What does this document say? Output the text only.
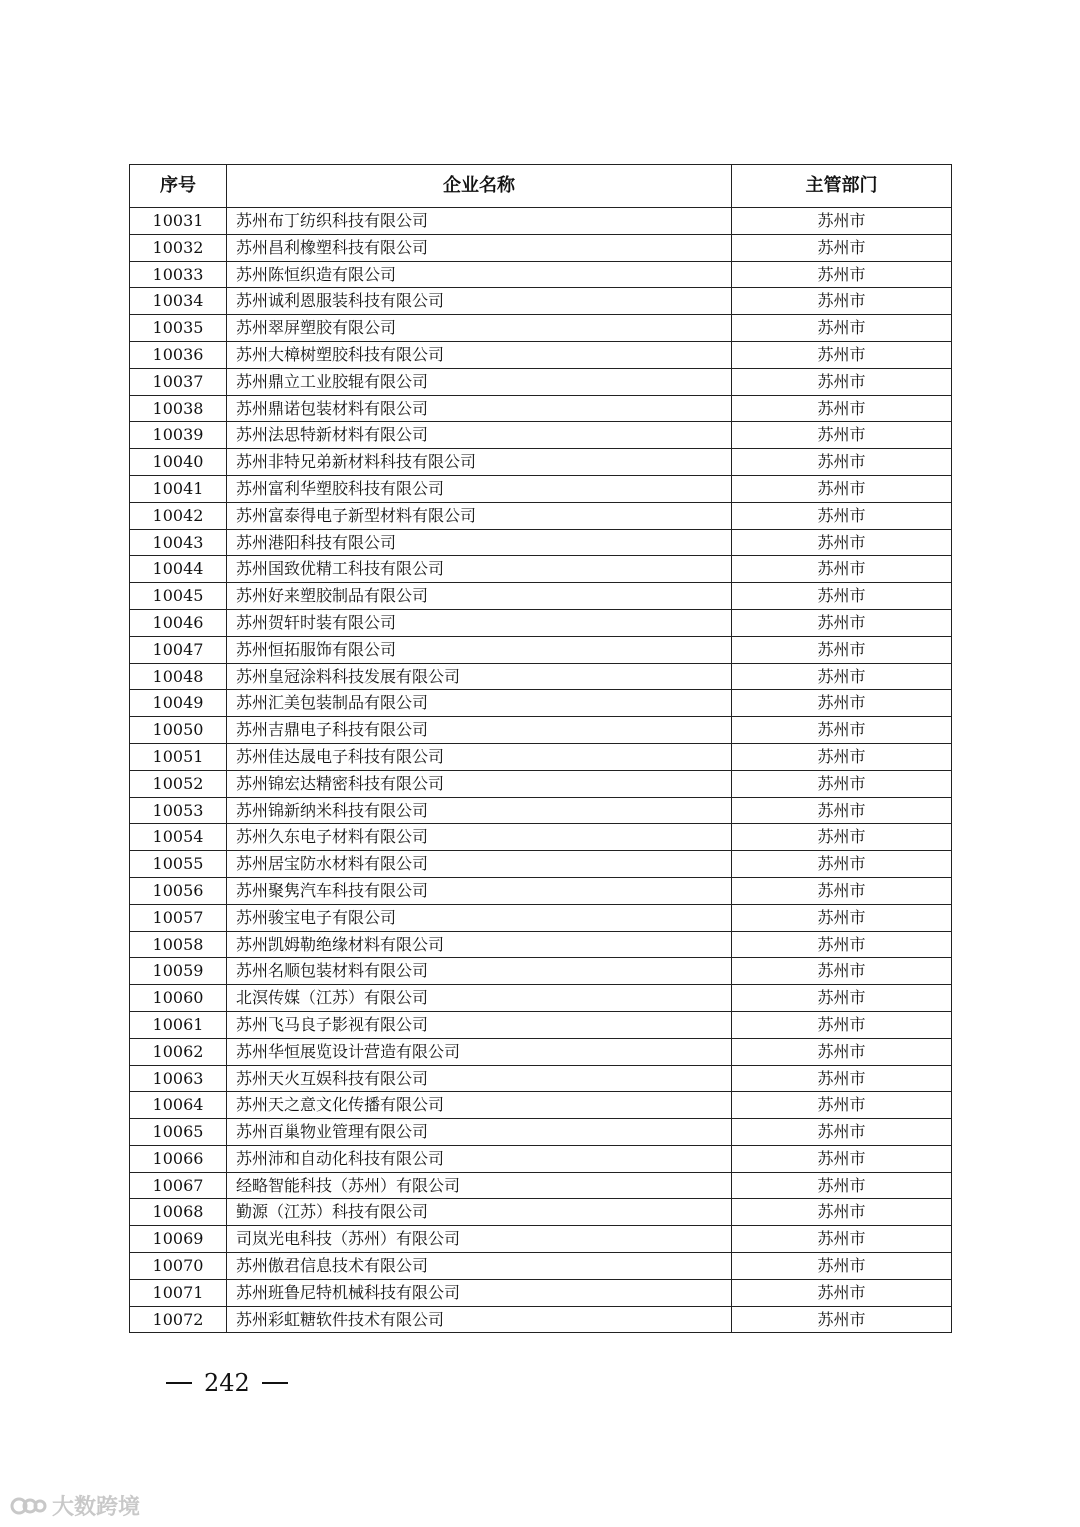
序号	企业名称	主管部门
10031	苏州布丁纺织科技有限公司	苏州市
10032	苏州昌利橡塑科技有限公司	苏州市
10033	苏州陈恒织造有限公司	苏州市
10034	苏州诚利恩服装科技有限公司	苏州市
10035	苏州翠屏塑胶有限公司	苏州市
10036	苏州大樟树塑胶科技有限公司	苏州市
10037	苏州鼎立工业胶辊有限公司	苏州市
10038	苏州鼎诺包装材料有限公司	苏州市
10039	苏州法思特新材料有限公司	苏州市
10040	苏州非特兄弟新材料科技有限公司	苏州市
10041	苏州富利华塑胶科技有限公司	苏州市
10042	苏州富泰得电子新型材料有限公司	苏州市
10043	苏州港阳科技有限公司	苏州市
10044	苏州国致优精工科技有限公司	苏州市
10045	苏州好来塑胶制品有限公司	苏州市
10046	苏州贺轩时装有限公司	苏州市
10047	苏州恒拓服饰有限公司	苏州市
10048	苏州皇冠涂料科技发展有限公司	苏州市
10049	苏州汇美包装制品有限公司	苏州市
10050	苏州吉鼎电子科技有限公司	苏州市
10051	苏州佳达晟电子科技有限公司	苏州市
10052	苏州锦宏达精密科技有限公司	苏州市
10053	苏州锦新纳米科技有限公司	苏州市
10054	苏州久东电子材料有限公司	苏州市
10055	苏州居宝防水材料有限公司	苏州市
10056	苏州聚隽汽车科技有限公司	苏州市
10057	苏州骏宝电子有限公司	苏州市
10058	苏州凯姆勒绝缘材料有限公司	苏州市
10059	苏州名顺包装材料有限公司	苏州市
10060	北溟传媒（江苏）有限公司	苏州市
10061	苏州飞马良子影视有限公司	苏州市
10062	苏州华恒展览设计营造有限公司	苏州市
10063	苏州天火互娱科技有限公司	苏州市
10064	苏州天之意文化传播有限公司	苏州市
10065	苏州百巢物业管理有限公司	苏州市
10066	苏州沛和自动化科技有限公司	苏州市
10067	经略智能科技（苏州）有限公司	苏州市
10068	勤源（江苏）科技有限公司	苏州市
10069	司岚光电科技（苏州）有限公司	苏州市
10070	苏州傲君信息技术有限公司	苏州市
10071	苏州班鲁尼特机械科技有限公司	苏州市
10072	苏州彩虹糖软件技术有限公司	苏州市
242
大数跨境
